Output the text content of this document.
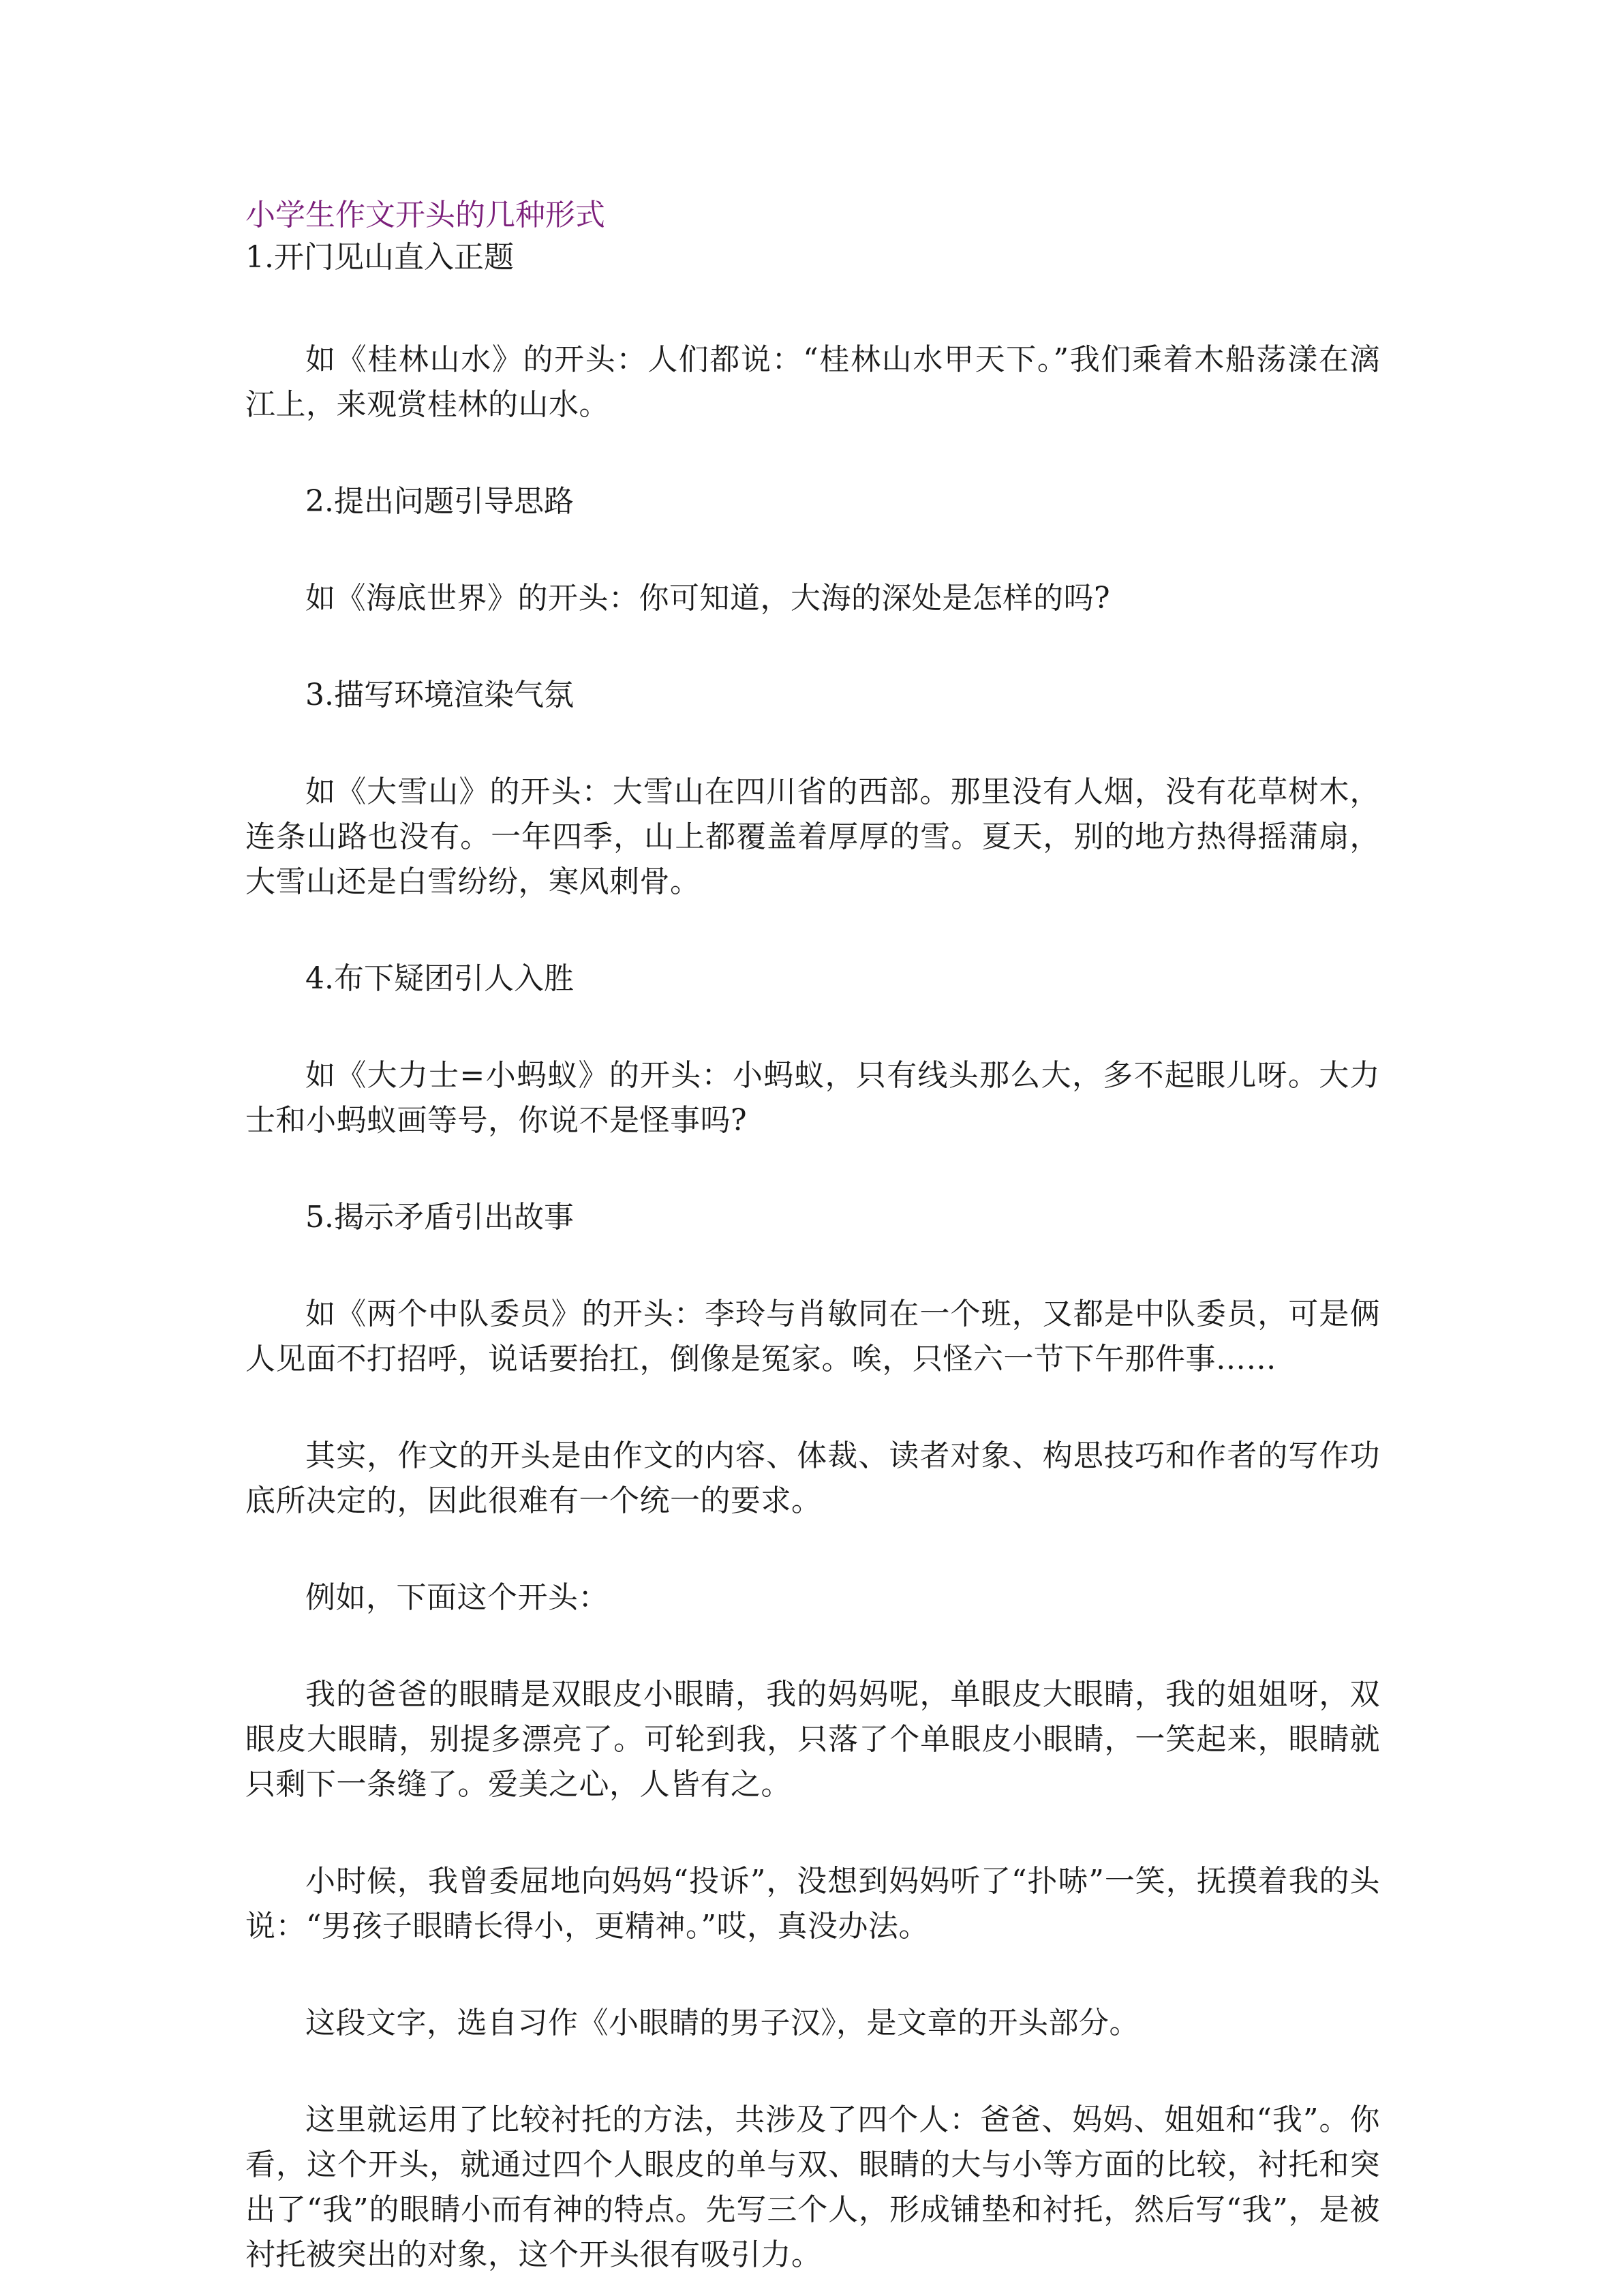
小学生作文开头的几种形式

1.开门见山直入正题

如《桂林山水》的开头：人们都说：“桂林山水甲天下。”我们乘着木船荡漾在漓江上，来观赏桂林的山水。

2.提出问题引导思路

如《海底世界》的开头：你可知道，大海的深处是怎样的吗?

3.描写环境渲染气氛

如《大雪山》的开头：大雪山在四川省的西部。那里没有人烟，没有花草树木，连条山路也没有。一年四季，山上都覆盖着厚厚的雪。夏天，别的地方热得摇蒲扇，大雪山还是白雪纷纷，寒风刺骨。

4.布下疑团引人入胜

如《大力士=小蚂蚁》的开头：小蚂蚁，只有线头那么大，多不起眼儿呀。大力士和小蚂蚁画等号，你说不是怪事吗?

5.揭示矛盾引出故事

如《两个中队委员》的开头：李玲与肖敏同在一个班，又都是中队委员，可是俩人见面不打招呼，说话要抬扛，倒像是冤家。唉，只怪六一节下午那件事……

其实，作文的开头是由作文的内容、体裁、读者对象、构思技巧和作者的写作功底所决定的，因此很难有一个统一的要求。

例如，下面这个开头：

我的爸爸的眼睛是双眼皮小眼睛，我的妈妈呢，单眼皮大眼睛，我的姐姐呀，双眼皮大眼睛，别提多漂亮了。可轮到我，只落了个单眼皮小眼睛，一笑起来，眼睛就只剩下一条缝了。爱美之心，人皆有之。

小时候，我曾委屈地向妈妈“投诉”，没想到妈妈听了“扑哧”一笑，抚摸着我的头说：“男孩子眼睛长得小，更精神。”哎，真没办法。

这段文字，选自习作《小眼睛的男子汉》，是文章的开头部分。

这里就运用了比较衬托的方法，共涉及了四个人：爸爸、妈妈、姐姐和“我”。你看，这个开头，就通过四个人眼皮的单与双、眼睛的大与小等方面的比较，衬托和突出了“我”的眼睛小而有神的特点。先写三个人，形成铺垫和衬托，然后写“我”，是被衬托被突出的对象，这个开头很有吸引力。
